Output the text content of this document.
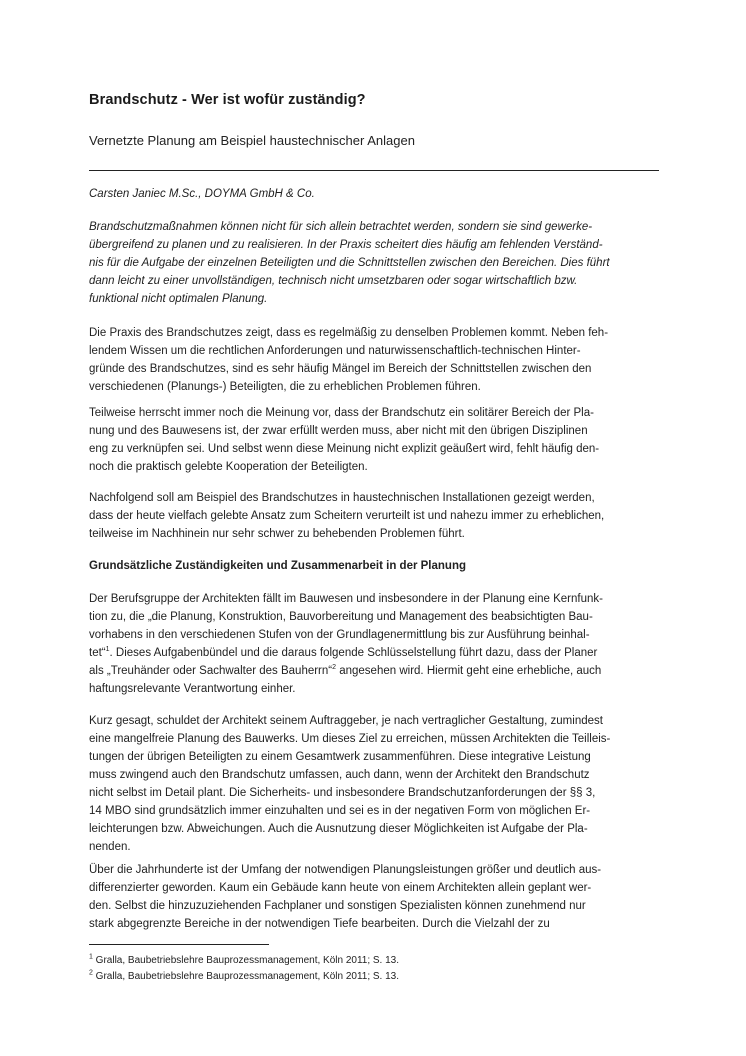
Brandschutz - Wer ist wofür zuständig?
Vernetzte Planung am Beispiel haustechnischer Anlagen
Carsten Janiec M.Sc., DOYMA GmbH & Co.
Brandschutzmaßnahmen können nicht für sich allein betrachtet werden, sondern sie sind gewerke-
übergreifend zu planen und zu realisieren. In der Praxis scheitert dies häufig am fehlenden Verständ-
nis für die Aufgabe der einzelnen Beteiligten und die Schnittstellen zwischen den Bereichen. Dies führt
dann leicht zu einer unvollständigen, technisch nicht umsetzbaren oder sogar wirtschaftlich bzw.
funktional nicht optimalen Planung.
Die Praxis des Brandschutzes zeigt, dass es regelmäßig zu denselben Problemen kommt. Neben feh-
lendem Wissen um die rechtlichen Anforderungen und naturwissenschaftlich-technischen Hinter-
gründe des Brandschutzes, sind es sehr häufig Mängel im Bereich der Schnittstellen zwischen den
verschiedenen (Planungs-) Beteiligten, die zu erheblichen Problemen führen.
Teilweise herrscht immer noch die Meinung vor, dass der Brandschutz ein solitärer Bereich der Pla-
nung und des Bauwesens ist, der zwar erfüllt werden muss, aber nicht mit den übrigen Disziplinen
eng zu verknüpfen sei. Und selbst wenn diese Meinung nicht explizit geäußert wird, fehlt häufig den-
noch die praktisch gelebte Kooperation der Beteiligten.
Nachfolgend soll am Beispiel des Brandschutzes in haustechnischen Installationen gezeigt werden,
dass der heute vielfach gelebte Ansatz zum Scheitern verurteilt ist und nahezu immer zu erheblichen,
teilweise im Nachhinein nur sehr schwer zu behebenden Problemen führt.
Grundsätzliche Zuständigkeiten und Zusammenarbeit in der Planung
Der Berufsgruppe der Architekten fällt im Bauwesen und insbesondere in der Planung eine Kernfunk-
tion zu, die „die Planung, Konstruktion, Bauvorbereitung und Management des beabsichtigten Bau-
vorhabens in den verschiedenen Stufen von der Grundlagenermittlung bis zur Ausführung beinhal-
tet“$^1$. Dieses Aufgabenbündel und die daraus folgende Schlüsselstellung führt dazu, dass der Planer
als „Treuhänder oder Sachwalter des Bauherrn“$^2$ angesehen wird. Hiermit geht eine erhebliche, auch
haftungsrelevante Verantwortung einher.
Kurz gesagt, schuldet der Architekt seinem Auftraggeber, je nach vertraglicher Gestaltung, zumindest
eine mangelfreie Planung des Bauwerks. Um dieses Ziel zu erreichen, müssen Architekten die Teilleis-
tungen der übrigen Beteiligten zu einem Gesamtwerk zusammenführen. Diese integrative Leistung
muss zwingend auch den Brandschutz umfassen, auch dann, wenn der Architekt den Brandschutz
nicht selbst im Detail plant. Die Sicherheits- und insbesondere Brandschutzanforderungen der §§ 3,
14 MBO sind grundsätzlich immer einzuhalten und sei es in der negativen Form von möglichen Er-
leichterungen bzw. Abweichungen. Auch die Ausnutzung dieser Möglichkeiten ist Aufgabe der Pla-
nenden.
Über die Jahrhunderte ist der Umfang der notwendigen Planungsleistungen größer und deutlich aus-
differenzierter geworden. Kaum ein Gebäude kann heute von einem Architekten allein geplant wer-
den. Selbst die hinzuzuziehenden Fachplaner und sonstigen Spezialisten können zunehmend nur
stark abgegrenzte Bereiche in der notwendigen Tiefe bearbeiten. Durch die Vielzahl der zu
$^1$ Gralla, Baubetriebslehre Bauprozessmanagement, Köln 2011; S. 13.
$^2$ Gralla, Baubetriebslehre Bauprozessmanagement, Köln 2011; S. 13.
